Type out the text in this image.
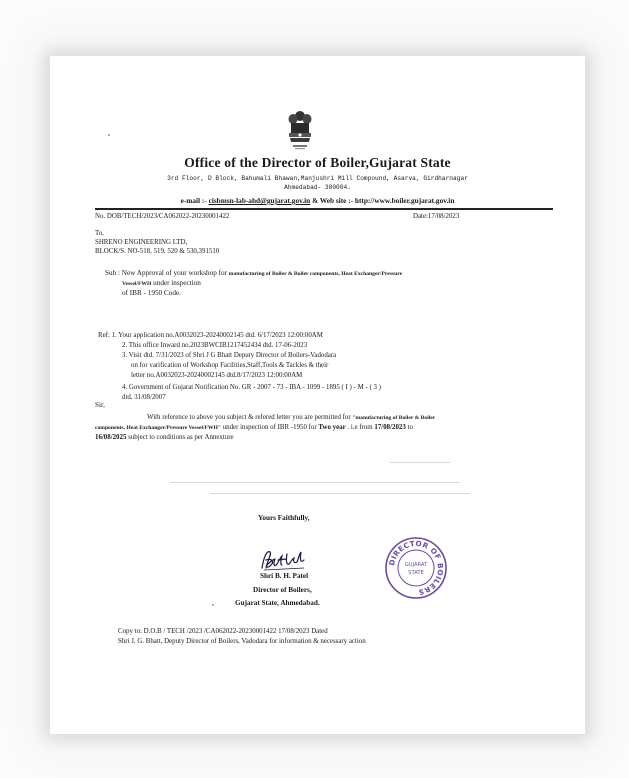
Office of the Director of Boiler,Gujarat State
3rd Floor, D Block, Bahumali Bhawan,Manjushri Mill Compound, Asarva, Girdharnagar
Ahmedabad- 380004.
e-mail :- cisbmsn-lab-ahd@gujarat.gov.in & Web site :- http://www.boiler.gujarat.gov.in
No. DOB/TECH/2023/CA062022-20230001422	Date:17/08/2023
To,
SHRENO ENGINEERING LTD,
BLOCK/S. NO-518, 519, 520 & 530,391510
Sub : New Approval of your workshop for manufacturing of Boiler & Boiler components, Heat Exchanger/Pressure
Vessel/FWH under inspection
of IBR - 1950 Code.
Ref: 1. Your application no.A0032023-20240002145 dtd. 6/17/2023 12:00:00AM
2. This office Inward no.2023BWCIB1217452434 dtd. 17-06-2023
3. Visit dtd. 7/31/2023 of Shri J G Bhatt Deputy Director of Boilers-Vadodara
on for varification of Workshop Facilities,Staff,Tools & Tackles & their
letter no.A0032023-20240002145 dtd.8/17/2023 12:00:00AM
4. Government of Gujarat Notification No. GR - 2007 - 73 - IBA - 1099 - 1895 ( I ) - M - ( 3 )
dtd. 31/08/2007
Sir,
With reference to above you subject & refered letter you are permitted for "manufacturing of Boiler & Boiler
components, Heat Exchanger/Pressure Vessel/FWH" under inspection of IBR -1950 for Two year . i.e from 17/08/2023 to
16/08/2025 subject to conditions as per Annexture
Yours Faithfully,
Shri B. H. Patel
Director of Boilers,
Gujarat State, Ahmedabad.
DIRECTOR OF BOILERS
GUJARAT
STATE
Copy to: D.O.B / TECH /2023 /CA062022-20230001422 17/08/2023 Dated
Shri J. G. Bhatt, Deputy Director of Boilers, Vadodara for information & necessary action
